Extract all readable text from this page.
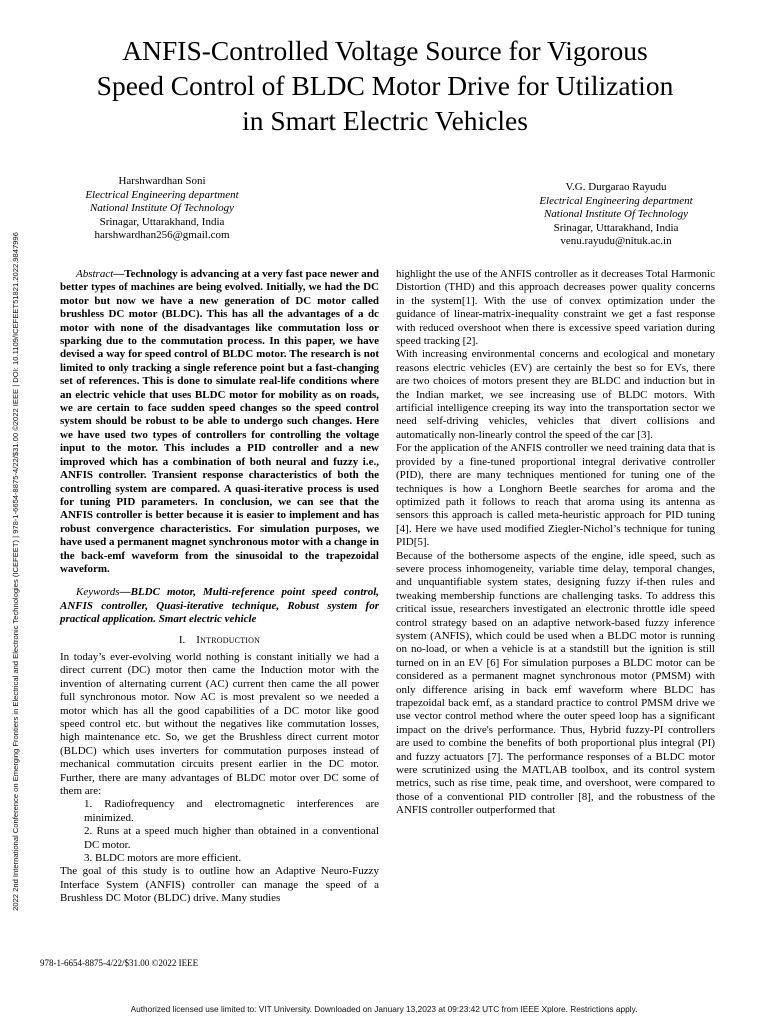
2022 2nd International Conference on Emerging Frontiers in Electrical and Electronic Technologies (ICEFEET) | 978-1-6654-8875-4/22/$31.00 ©2022 IEEE | DOI: 10.1109/ICEFEET51821.2022.9847996
ANFIS-Controlled Voltage Source for Vigorous
Speed Control of BLDC Motor Drive for Utilization
in Smart Electric Vehicles
Harshwardhan Soni
Electrical Engineering department
National Institute Of Technology
Srinagar, Uttarakhand, India
harshwardhan256@gmail.com
V.G. Durgarao Rayudu
Electrical Engineering department
National Institute Of Technology
Srinagar, Uttarakhand, India
venu.rayudu@nituk.ac.in

Abstract—Technology is advancing at a very fast pace newer and better types of machines are being evolved. Initially, we had the DC motor but now we have a new generation of DC motor called brushless DC motor (BLDC). This has all the advantages of a dc motor with none of the disadvantages like commutation loss or sparking due to the commutation process. In this paper, we have devised a way for speed control of BLDC motor. The research is not limited to only tracking a single reference point but a fast-changing set of references. This is done to simulate real-life conditions where an electric vehicle that uses BLDC motor for mobility as on roads, we are certain to face sudden speed changes so the speed control system should be robust to be able to undergo such changes. Here we have used two types of controllers for controlling the voltage input to the motor. This includes a PID controller and a new improved which has a combination of both neural and fuzzy i.e., ANFIS controller. Transient response characteristics of both the controlling system are compared. A quasi-iterative process is used for tuning PID parameters. In conclusion, we can see that the ANFIS controller is better because it is easier to implement and has robust convergence characteristics. For simulation purposes, we have used a permanent magnet synchronous motor with a change in the back-emf waveform from the sinusoidal to the trapezoidal waveform.

Keywords—BLDC motor, Multi-reference point speed control, ANFIS controller, Quasi-iterative technique, Robust system for practical application. Smart electric vehicle

I. Introduction

In today’s ever-evolving world nothing is constant initially we had a direct current (DC) motor then came the Induction motor with the invention of alternating current (AC) current then came the all power full synchronous motor. Now AC is most prevalent so we needed a motor which has all the good capabilities of a DC motor like good speed control etc. but without the negatives like commutation losses, high maintenance etc. So, we get the Brushless direct current motor (BLDC) which uses inverters for commutation purposes instead of mechanical commutation circuits present earlier in the DC motor. Further, there are many advantages of BLDC motor over DC some of them are:

1. Radiofrequency and electromagnetic interferences are minimized.
2. Runs at a speed much higher than obtained in a conventional DC motor.
3. BLDC motors are more efficient.

The goal of this study is to outline how an Adaptive Neuro-Fuzzy Interface System (ANFIS) controller can manage the speed of a Brushless DC Motor (BLDC) drive. Many studies

highlight the use of the ANFIS controller as it decreases Total Harmonic Distortion (THD) and this approach decreases power quality concerns in the system[1]. With the use of convex optimization under the guidance of linear-matrix-inequality constraint we get a fast response with reduced overshoot when there is excessive speed variation during speed tracking [2].

With increasing environmental concerns and ecological and monetary reasons electric vehicles (EV) are certainly the best so for EVs, there are two choices of motors present they are BLDC and induction but in the Indian market, we see increasing use of BLDC motors. With artificial intelligence creeping its way into the transportation sector we need self-driving vehicles, vehicles that divert collisions and automatically non-linearly control the speed of the car [3].

For the application of the ANFIS controller we need training data that is provided by a fine-tuned proportional integral derivative controller (PID), there are many techniques mentioned for tuning one of the techniques is how a Longhorn Beetle searches for aroma and the optimized path it follows to reach that aroma using its antenna as sensors this approach is called meta-heuristic approach for PID tuning [4]. Here we have used modified Ziegler-Nichol’s technique for tuning PID[5].

Because of the bothersome aspects of the engine, idle speed, such as severe process inhomogeneity, variable time delay, temporal changes, and unquantifiable system states, designing fuzzy if-then rules and tweaking membership functions are challenging tasks. To address this critical issue, researchers investigated an electronic throttle idle speed control strategy based on an adaptive network-based fuzzy inference system (ANFIS), which could be used when a BLDC motor is running on no-load, or when a vehicle is at a standstill but the ignition is still turned on in an EV [6] For simulation purposes a BLDC motor can be considered as a permanent magnet synchronous motor (PMSM) with only difference arising in back emf waveform where BLDC has trapezoidal back emf, as a standard practice to control PMSM drive we use vector control method where the outer speed loop has a significant impact on the drive's performance. Thus, Hybrid fuzzy-PI controllers are used to combine the benefits of both proportional plus integral (PI) and fuzzy actuators [7]. The performance responses of a BLDC motor were scrutinized using the MATLAB toolbox, and its control system metrics, such as rise time, peak time, and overshoot, were compared to those of a conventional PID controller [8], and the robustness of the ANFIS controller outperformed that

978-1-6654-8875-4/22/$31.00 ©2022 IEEE
Authorized licensed use limited to: VIT University. Downloaded on January 13,2023 at 09:23:42 UTC from IEEE Xplore. Restrictions apply.
